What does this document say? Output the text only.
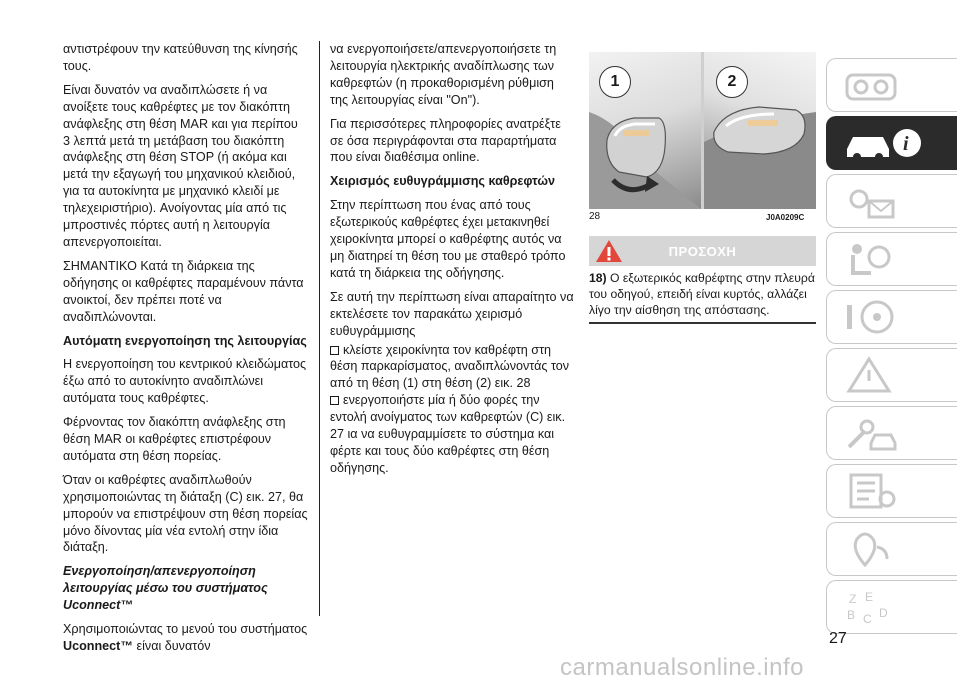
αντιστρέφουν την κατεύθυνση της κίνησής τους.

Είναι δυνατόν να αναδιπλώσετε ή να ανοίξετε τους καθρέφτες με τον διακόπτη ανάφλεξης στη θέση MAR και για περίπου 3 λεπτά μετά τη μετάβαση του διακόπτη ανάφλεξης στη θέση STOP (ή ακόμα και μετά την εξαγωγή του μηχανικού κλειδιού, για τα αυτοκίνητα με μηχανικό κλειδί με τηλεχειριστήριο). Ανοίγοντας μία από τις μπροστινές πόρτες αυτή η λειτουργία απενεργοποιείται.

ΣΗΜΑΝΤΙΚΟ Κατά τη διάρκεια της οδήγησης οι καθρέφτες παραμένουν πάντα ανοικτοί, δεν πρέπει ποτέ να αναδιπλώνονται.

Αυτόματη ενεργοποίηση της λειτουργίας

Η ενεργοποίηση του κεντρικού κλειδώματος έξω από το αυτοκίνητο αναδιπλώνει αυτόματα τους καθρέφτες.

Φέρνοντας τον διακόπτη ανάφλεξης στη θέση MAR οι καθρέφτες επιστρέφουν αυτόματα στη θέση πορείας.

Όταν οι καθρέφτες αναδιπλωθούν χρησιμοποιώντας τη διάταξη (C) εικ. 27, θα μπορούν να επιστρέψουν στη θέση πορείας μόνο δίνοντας μία νέα εντολή στην ίδια διάταξη.

Ενεργοποίηση/απενεργοποίηση λειτουργίας μέσω του συστήματος Uconnect™

Χρησιμοποιώντας το μενού του συστήματος Uconnect™ είναι δυνατόν

να ενεργοποιήσετε/απενεργοποιήσετε τη λειτουργία ηλεκτρικής αναδίπλωσης των καθρεφτών (η προκαθορισμένη ρύθμιση της λειτουργίας είναι "On").

Για περισσότερες πληροφορίες ανατρέξτε σε όσα περιγράφονται στα παραρτήματα που είναι διαθέσιμα online.

Χειρισμός ευθυγράμμισης καθρεφτών

Στην περίπτωση που ένας από τους εξωτερικούς καθρέφτες έχει μετακινηθεί χειροκίνητα μπορεί ο καθρέφτης αυτός να μη διατηρεί τη θέση του με σταθερό τρόπο κατά τη διάρκεια της οδήγησης.

Σε αυτή την περίπτωση είναι απαραίτητο να εκτελέσετε τον παρακάτω χειρισμό ευθυγράμμισης

κλείστε χειροκίνητα τον καθρέφτη στη θέση παρκαρίσματος, αναδιπλώνοντάς τον από τη θέση (1) στη θέση (2) εικ. 28

ενεργοποιήστε μία ή δύο φορές την εντολή ανοίγματος των καθρεφτών (C) εικ. 27 ια να ευθυγραμμίσετε το σύστημα και φέρτε και τους δύο καθρέφτες στη θέση οδήγησης.

1	2
28	J0A0209C
ΠΡΟΣΟΧΗ
18) Ο εξωτερικός καθρέφτης στην πλευρά του οδηγού, επειδή είναι κυρτός, αλλάζει λίγο την αίσθηση της απόστασης.
i
Z E
B C D
27
carmanualsonline.info
